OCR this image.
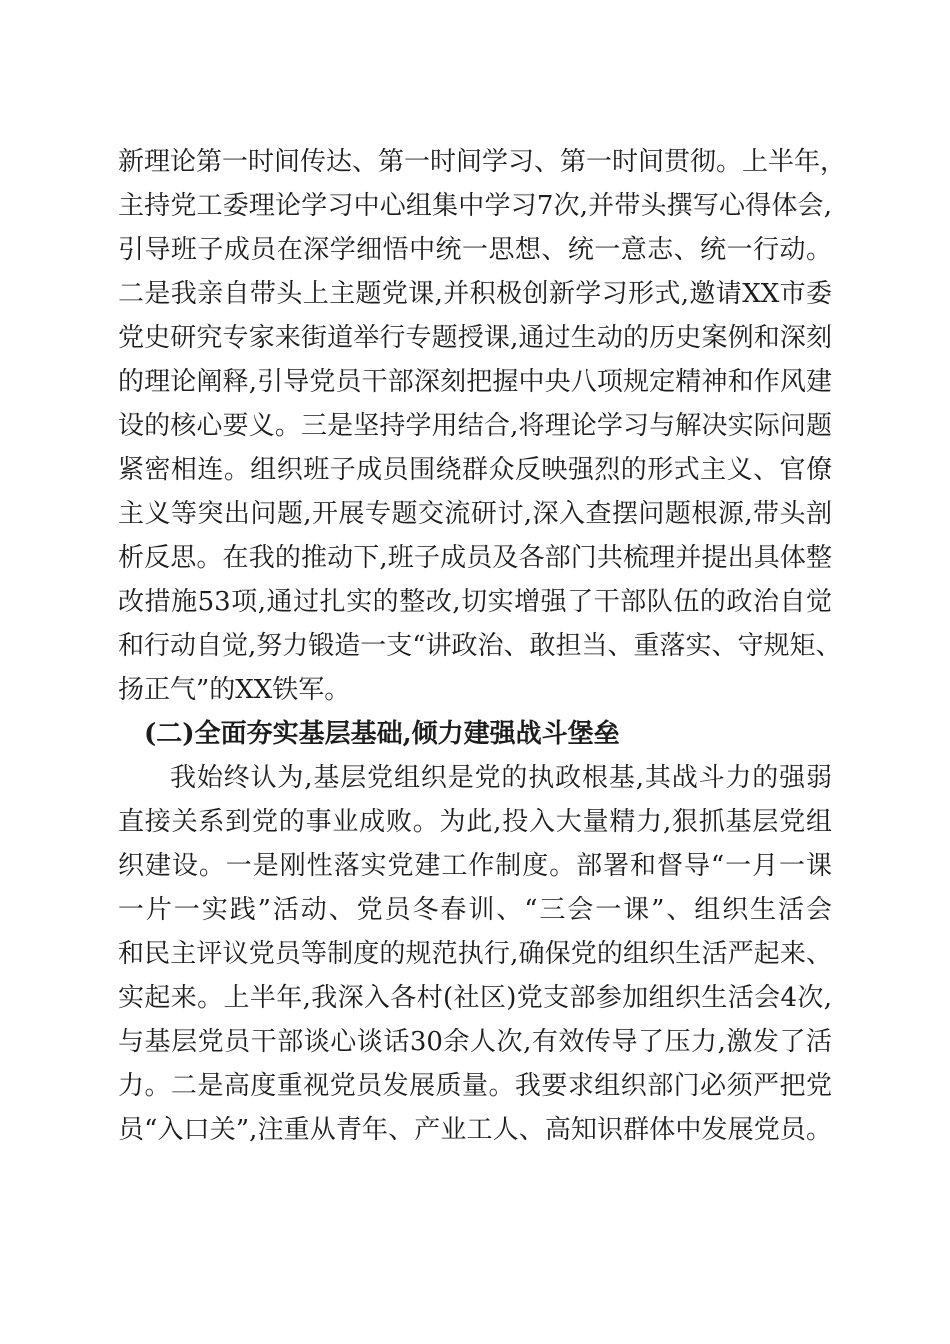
新理论第一时间传达、第一时间学习、第一时间贯彻。上半年，
主持党工委理论学习中心组集中学习7次,并带头撰写心得体会,
引导班子成员在深学细悟中统一思想、统一意志、统一行动。
二是我亲自带头上主题党课,并积极创新学习形式,邀请XX市委
党史研究专家来街道举行专题授课,通过生动的历史案例和深刻
的理论阐释,引导党员干部深刻把握中央八项规定精神和作风建
设的核心要义。三是坚持学用结合,将理论学习与解决实际问题
紧密相连。组织班子成员围绕群众反映强烈的形式主义、官僚
主义等突出问题,开展专题交流研讨,深入查摆问题根源,带头剖
析反思。在我的推动下,班子成员及各部门共梳理并提出具体整
改措施53项,通过扎实的整改,切实增强了干部队伍的政治自觉
和行动自觉,努力锻造一支“讲政治、敢担当、重落实、守规矩、
扬正气”的XX铁军。
(二)全面夯实基层基础,倾力建强战斗堡垒
我始终认为,基层党组织是党的执政根基,其战斗力的强弱
直接关系到党的事业成败。为此,投入大量精力,狠抓基层党组
织建设。一是刚性落实党建工作制度。部署和督导“一月一课
一片一实践”活动、党员冬春训、“三会一课”、组织生活会
和民主评议党员等制度的规范执行,确保党的组织生活严起来、
实起来。上半年,我深入各村(社区)党支部参加组织生活会4次,
与基层党员干部谈心谈话30余人次,有效传导了压力,激发了活
力。二是高度重视党员发展质量。我要求组织部门必须严把党
员“入口关”,注重从青年、产业工人、高知识群体中发展党员。
